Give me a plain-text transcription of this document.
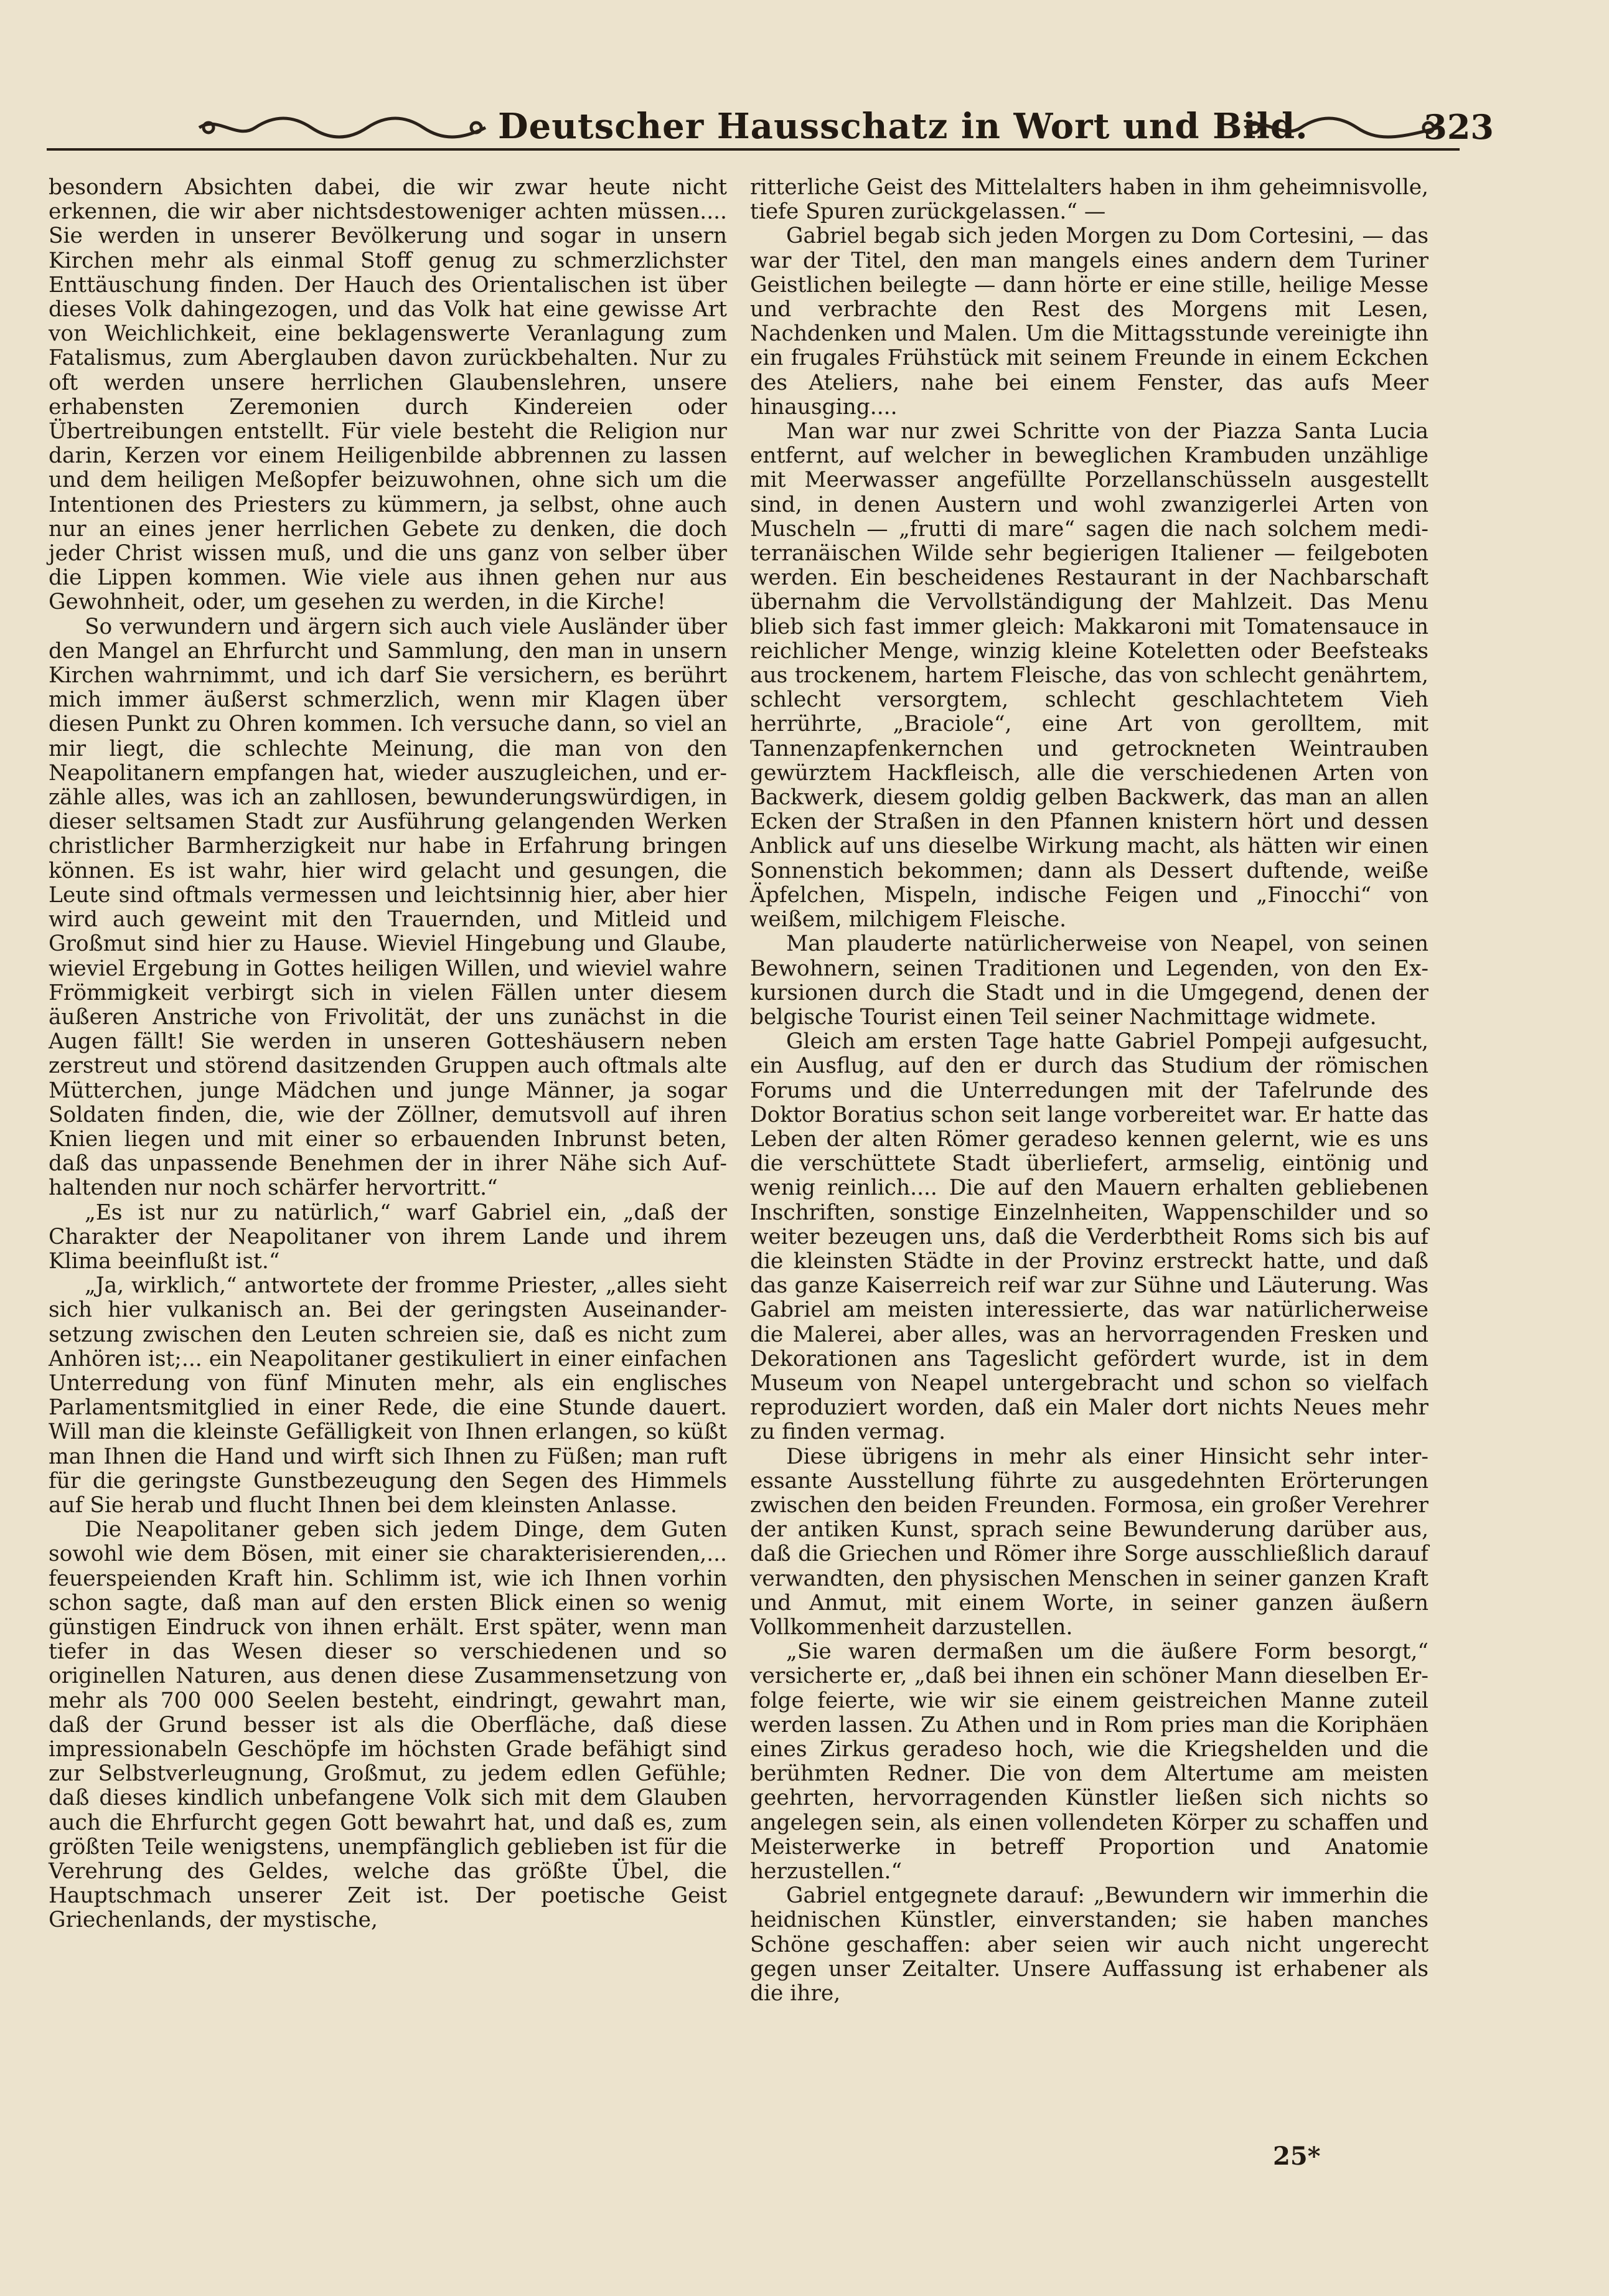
Deutscher Hausschatz in Wort und Bild.	323

besondern Absichten dabei, die wir zwar heute nicht erkennen, die wir aber nichtsdestoweniger achten müssen.... Sie werden in unserer Bevölkerung und sogar in unsern Kirchen mehr als einmal Stoff genug zu schmerzlichster Enttäuschung finden. Der Hauch des Orientalischen ist über dieses Volk dahingezogen, und das Volk hat eine gewisse Art von Weichlichkeit, eine beklagenswerte Veranlagung zum Fatalismus, zum Aberglauben davon zurückbehalten. Nur zu oft werden unsere herrlichen Glaubenslehren, unsere erhabensten Zeremonien durch Kindereien oder Übertreibungen entstellt. Für viele besteht die Religion nur darin, Kerzen vor einem Heiligenbilde abbrennen zu lassen und dem heiligen Meßopfer beizuwohnen, ohne sich um die Intentionen des Priesters zu kümmern, ja selbst, ohne auch nur an eines jener herrlichen Gebete zu denken, die doch jeder Christ wissen muß, und die uns ganz von selber über die Lippen kommen. Wie viele aus ihnen gehen nur aus Gewohnheit, oder, um gesehen zu werden, in die Kirche!

So verwundern und ärgern sich auch viele Ausländer über den Mangel an Ehrfurcht und Sammlung, den man in unsern Kirchen wahrnimmt, und ich darf Sie versichern, es berührt mich immer äußerst schmerzlich, wenn mir Klagen über diesen Punkt zu Ohren kommen. Ich versuche dann, so viel an mir liegt, die schlechte Meinung, die man von den Neapolitanern empfangen hat, wieder auszugleichen, und erzähle alles, was ich an zahllosen, bewunderungswürdigen, in dieser seltsamen Stadt zur Ausführung gelangenden Werken christlicher Barmherzigkeit nur habe in Erfahrung bringen können. Es ist wahr, hier wird gelacht und gesungen, die Leute sind oftmals vermessen und leichtsinnig hier, aber hier wird auch geweint mit den Trauernden, und Mitleid und Großmut sind hier zu Hause. Wieviel Hingebung und Glaube, wieviel Ergebung in Gottes heiligen Willen, und wieviel wahre Frömmigkeit verbirgt sich in vielen Fällen unter diesem äußeren Anstriche von Frivolität, der uns zunächst in die Augen fällt! Sie werden in unseren Gotteshäusern neben zerstreut und störend dasitzenden Gruppen auch oftmals alte Mütterchen, junge Mädchen und junge Männer, ja sogar Soldaten finden, die, wie der Zöllner, demutsvoll auf ihren Knien liegen und mit einer so erbauenden Inbrunst beten, daß das unpassende Benehmen der in ihrer Nähe sich Aufhaltenden nur noch schärfer hervortritt.“

„Es ist nur zu natürlich,“ warf Gabriel ein, „daß der Charakter der Neapolitaner von ihrem Lande und ihrem Klima beeinflußt ist.“

„Ja, wirklich,“ antwortete der fromme Priester, „alles sieht sich hier vulkanisch an. Bei der geringsten Auseinandersetzung zwischen den Leuten schreien sie, daß es nicht zum Anhören ist;... ein Neapolitaner gestikuliert in einer einfachen Unterredung von fünf Minuten mehr, als ein englisches Parlamentsmitglied in einer Rede, die eine Stunde dauert. Will man die kleinste Gefälligkeit von Ihnen erlangen, so küßt man Ihnen die Hand und wirft sich Ihnen zu Füßen; man ruft für die geringste Gunstbezeugung den Segen des Himmels auf Sie herab und flucht Ihnen bei dem kleinsten Anlasse.

Die Neapolitaner geben sich jedem Dinge, dem Guten sowohl wie dem Bösen, mit einer sie charakterisierenden,... feuerspeienden Kraft hin. Schlimm ist, wie ich Ihnen vorhin schon sagte, daß man auf den ersten Blick einen so wenig günstigen Eindruck von ihnen erhält. Erst später, wenn man tiefer in das Wesen dieser so verschiedenen und so originellen Naturen, aus denen diese Zusammensetzung von mehr als 700 000 Seelen besteht, eindringt, gewahrt man, daß der Grund besser ist als die Oberfläche, daß diese impressionabeln Geschöpfe im höchsten Grade befähigt sind zur Selbstverleugnung, Großmut, zu jedem edlen Gefühle; daß dieses kindlich unbefangene Volk sich mit dem Glauben auch die Ehrfurcht gegen Gott bewahrt hat, und daß es, zum größten Teile wenigstens, unempfänglich geblieben ist für die Verehrung des Geldes, welche das größte Übel, die Hauptschmach unserer Zeit ist. Der poetische Geist Griechenlands, der mystische,

ritterliche Geist des Mittelalters haben in ihm geheimnisvolle, tiefe Spuren zurückgelassen.“ —

Gabriel begab sich jeden Morgen zu Dom Cortesini, — das war der Titel, den man mangels eines andern dem Turiner Geistlichen beilegte — dann hörte er eine stille, heilige Messe und verbrachte den Rest des Morgens mit Lesen, Nachdenken und Malen. Um die Mittagsstunde vereinigte ihn ein frugales Frühstück mit seinem Freunde in einem Eckchen des Ateliers, nahe bei einem Fenster, das aufs Meer hinausging....

Man war nur zwei Schritte von der Piazza Santa Lucia entfernt, auf welcher in beweglichen Krambuden unzählige mit Meerwasser angefüllte Porzellanschüsseln ausgestellt sind, in denen Austern und wohl zwanzigerlei Arten von Muscheln — „frutti di mare“ sagen die nach solchem mediterranäischen Wilde sehr begierigen Italiener — feilgeboten werden. Ein bescheidenes Restaurant in der Nachbarschaft übernahm die Vervollständigung der Mahlzeit. Das Menu blieb sich fast immer gleich: Makkaroni mit Tomatensauce in reichlicher Menge, winzig kleine Koteletten oder Beefsteaks aus trockenem, hartem Fleische, das von schlecht genährtem, schlecht versorgtem, schlecht geschlachtetem Vieh herrührte, „Braciole“, eine Art von gerolltem, mit Tannenzapfenkernchen und getrockneten Weintrauben gewürztem Hackfleisch, alle die verschiedenen Arten von Backwerk, diesem goldig gelben Backwerk, das man an allen Ecken der Straßen in den Pfannen knistern hört und dessen Anblick auf uns dieselbe Wirkung macht, als hätten wir einen Sonnenstich bekommen; dann als Dessert duftende, weiße Äpfelchen, Mispeln, indische Feigen und „Finocchi“ von weißem, milchigem Fleische.

Man plauderte natürlicherweise von Neapel, von seinen Bewohnern, seinen Traditionen und Legenden, von den Exkursionen durch die Stadt und in die Umgegend, denen der belgische Tourist einen Teil seiner Nachmittage widmete.

Gleich am ersten Tage hatte Gabriel Pompeji aufgesucht, ein Ausflug, auf den er durch das Studium der römischen Forums und die Unterredungen mit der Tafelrunde des Doktor Boratius schon seit lange vorbereitet war. Er hatte das Leben der alten Römer geradeso kennen gelernt, wie es uns die verschüttete Stadt überliefert, armselig, eintönig und wenig reinlich.... Die auf den Mauern erhalten gebliebenen Inschriften, sonstige Einzelnheiten, Wappenschilder und so weiter bezeugen uns, daß die Verderbtheit Roms sich bis auf die kleinsten Städte in der Provinz erstreckt hatte, und daß das ganze Kaiserreich reif war zur Sühne und Läuterung. Was Gabriel am meisten interessierte, das war natürlicherweise die Malerei, aber alles, was an hervorragenden Fresken und Dekorationen ans Tageslicht gefördert wurde, ist in dem Museum von Neapel untergebracht und schon so vielfach reproduziert worden, daß ein Maler dort nichts Neues mehr zu finden vermag.

Diese übrigens in mehr als einer Hinsicht sehr interessante Ausstellung führte zu ausgedehnten Erörterungen zwischen den beiden Freunden. Formosa, ein großer Verehrer der antiken Kunst, sprach seine Bewunderung darüber aus, daß die Griechen und Römer ihre Sorge ausschließlich darauf verwandten, den physischen Menschen in seiner ganzen Kraft und Anmut, mit einem Worte, in seiner ganzen äußern Vollkommenheit darzustellen.

„Sie waren dermaßen um die äußere Form besorgt,“ versicherte er, „daß bei ihnen ein schöner Mann dieselben Erfolge feierte, wie wir sie einem geistreichen Manne zuteil werden lassen. Zu Athen und in Rom pries man die Koriphäen eines Zirkus geradeso hoch, wie die Kriegshelden und die berühmten Redner. Die von dem Altertume am meisten geehrten, hervorragenden Künstler ließen sich nichts so angelegen sein, als einen vollendeten Körper zu schaffen und Meisterwerke in betreff Proportion und Anatomie herzustellen.“

Gabriel entgegnete darauf: „Bewundern wir immerhin die heidnischen Künstler, einverstanden; sie haben manches Schöne geschaffen: aber seien wir auch nicht ungerecht gegen unser Zeitalter. Unsere Auffassung ist erhabener als die ihre,

25*
